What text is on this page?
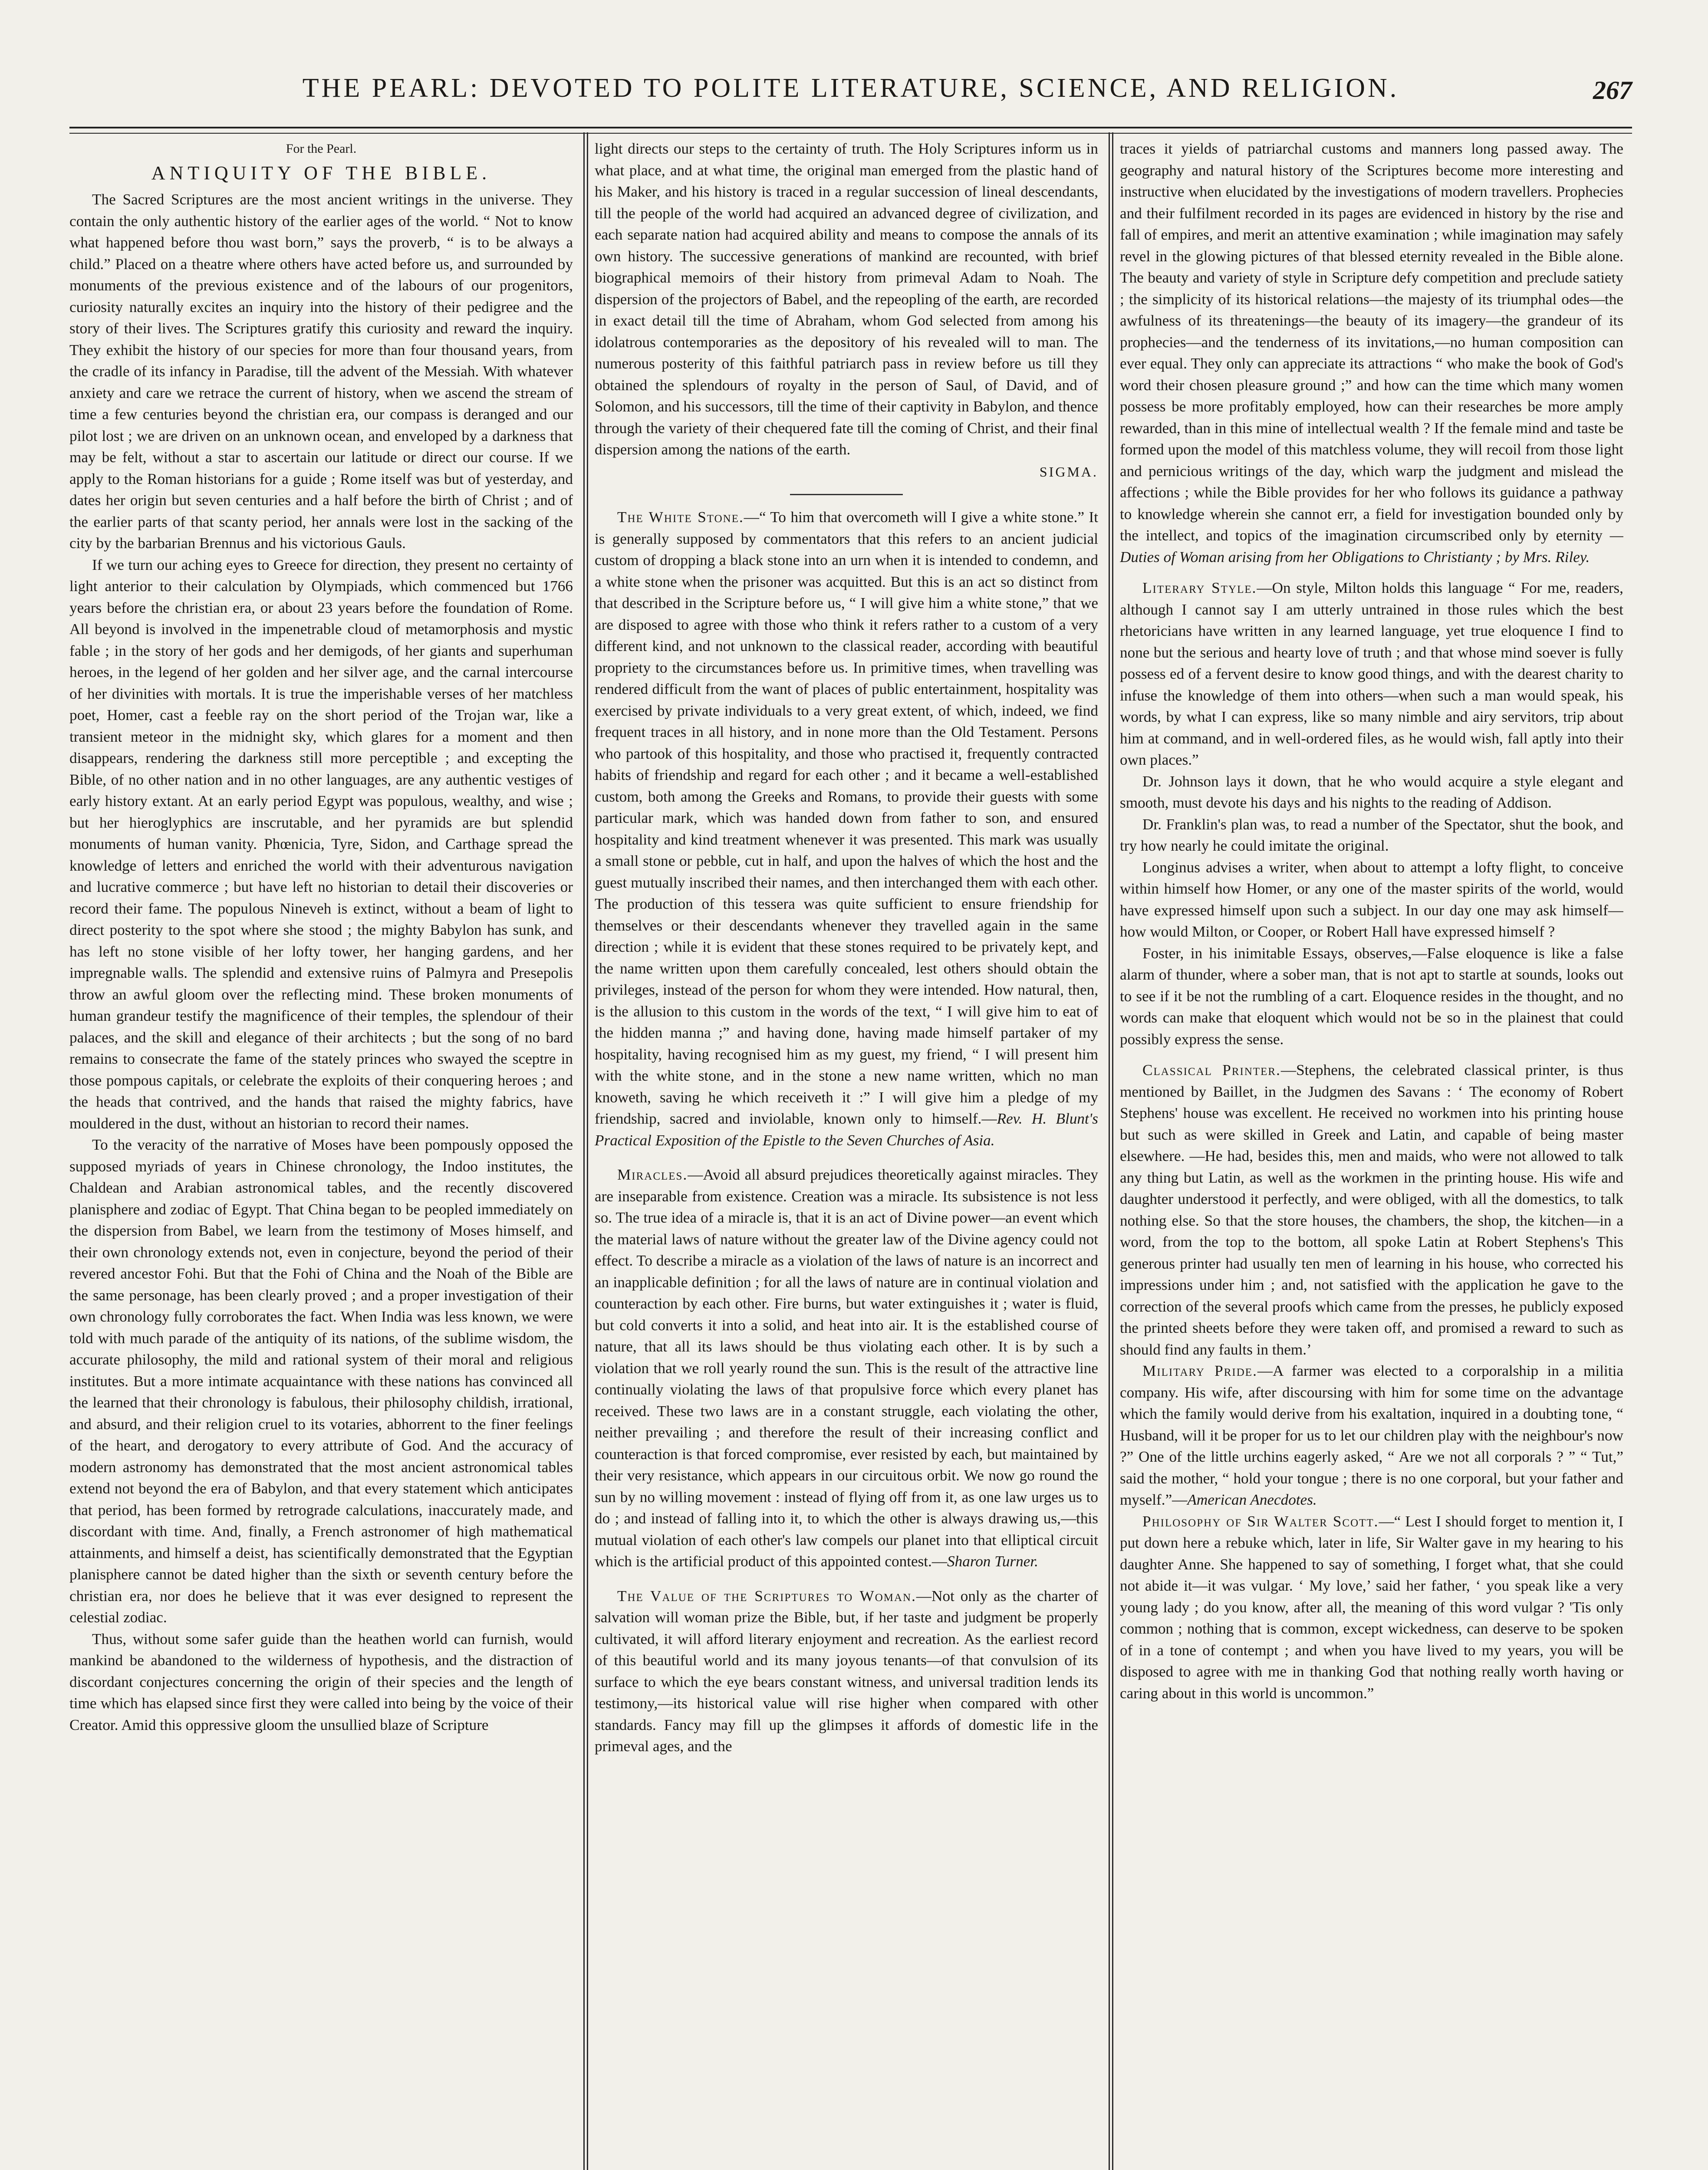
THE PEARL: DEVOTED TO POLITE LITERATURE, SCIENCE, AND RELIGION.	267

For the Pearl.

ANTIQUITY OF THE BIBLE.

The Sacred Scriptures are the most ancient writings in the universe. They contain the only authentic history of the earlier ages of the world. “ Not to know what happened before thou wast born,” says the proverb, “ is to be always a child.” Placed on a theatre where others have acted before us, and surrounded by monuments of the previous existence and of the labours of our progenitors, curiosity naturally excites an inquiry into the history of their pedigree and the story of their lives. The Scriptures gratify this curiosity and reward the inquiry. They exhibit the history of our species for more than four thousand years, from the cradle of its infancy in Paradise, till the advent of the Messiah. With whatever anxiety and care we retrace the current of history, when we ascend the stream of time a few centuries beyond the christian era, our compass is deranged and our pilot lost ; we are driven on an unknown ocean, and enveloped by a darkness that may be felt, without a star to ascertain our latitude or direct our course. If we apply to the Roman historians for a guide ; Rome itself was but of yesterday, and dates her origin but seven centuries and a half before the birth of Christ ; and of the earlier parts of that scanty period, her annals were lost in the sacking of the city by the barbarian Brennus and his victorious Gauls.

If we turn our aching eyes to Greece for direction, they present no certainty of light anterior to their calculation by Olympiads, which commenced but 1766 years before the christian era, or about 23 years before the foundation of Rome. All beyond is involved in the impenetrable cloud of metamorphosis and mystic fable ; in the story of her gods and her demigods, of her giants and superhuman heroes, in the legend of her golden and her silver age, and the carnal intercourse of her divinities with mortals. It is true the imperishable verses of her matchless poet, Homer, cast a feeble ray on the short period of the Trojan war, like a transient meteor in the midnight sky, which glares for a moment and then disappears, rendering the darkness still more perceptible ; and excepting the Bible, of no other nation and in no other languages, are any authentic vestiges of early history extant. At an early period Egypt was populous, wealthy, and wise ; but her hieroglyphics are inscrutable, and her pyramids are but splendid monuments of human vanity. Phœnicia, Tyre, Sidon, and Carthage spread the knowledge of letters and enriched the world with their adventurous navigation and lucrative commerce ; but have left no historian to detail their discoveries or record their fame. The populous Nineveh is extinct, without a beam of light to direct posterity to the spot where she stood ; the mighty Babylon has sunk, and has left no stone visible of her lofty tower, her hanging gardens, and her impregnable walls. The splendid and extensive ruins of Palmyra and Presepolis throw an awful gloom over the reflecting mind. These broken monuments of human grandeur testify the magnificence of their temples, the splendour of their palaces, and the skill and elegance of their architects ; but the song of no bard remains to consecrate the fame of the stately princes who swayed the sceptre in those pompous capitals, or celebrate the exploits of their conquering heroes ; and the heads that contrived, and the hands that raised the mighty fabrics, have mouldered in the dust, without an historian to record their names.

To the veracity of the narrative of Moses have been pompously opposed the supposed myriads of years in Chinese chronology, the Indoo institutes, the Chaldean and Arabian astronomical tables, and the recently discovered planisphere and zodiac of Egypt. That China began to be peopled immediately on the dispersion from Babel, we learn from the testimony of Moses himself, and their own chronology extends not, even in conjecture, beyond the period of their revered ancestor Fohi. But that the Fohi of China and the Noah of the Bible are the same personage, has been clearly proved ; and a proper investigation of their own chronology fully corroborates the fact. When India was less known, we were told with much parade of the antiquity of its nations, of the sublime wisdom, the accurate philosophy, the mild and rational system of their moral and religious institutes. But a more intimate acquaintance with these nations has convinced all the learned that their chronology is fabulous, their philosophy childish, irrational, and absurd, and their religion cruel to its votaries, abhorrent to the finer feelings of the heart, and derogatory to every attribute of God. And the accuracy of modern astronomy has demonstrated that the most ancient astronomical tables extend not beyond the era of Babylon, and that every statement which anticipates that period, has been formed by retrograde calculations, inaccurately made, and discordant with time. And, finally, a French astronomer of high mathematical attainments, and himself a deist, has scientifically demonstrated that the Egyptian planisphere cannot be dated higher than the sixth or seventh century before the christian era, nor does he believe that it was ever designed to represent the celestial zodiac.

Thus, without some safer guide than the heathen world can furnish, would mankind be abandoned to the wilderness of hypothesis, and the distraction of discordant conjectures concerning the origin of their species and the length of time which has elapsed since first they were called into being by the voice of their Creator. Amid this oppressive gloom the unsullied blaze of Scripture

light directs our steps to the certainty of truth. The Holy Scriptures inform us in what place, and at what time, the original man emerged from the plastic hand of his Maker, and his history is traced in a regular succession of lineal descendants, till the people of the world had acquired an advanced degree of civilization, and each separate nation had acquired ability and means to compose the annals of its own history. The successive generations of mankind are recounted, with brief biographical memoirs of their history from primeval Adam to Noah. The dispersion of the projectors of Babel, and the repeopling of the earth, are recorded in exact detail till the time of Abraham, whom God selected from among his idolatrous contemporaries as the depository of his revealed will to man. The numerous posterity of this faithful patriarch pass in review before us till they obtained the splendours of royalty in the person of Saul, of David, and of Solomon, and his successors, till the time of their captivity in Babylon, and thence through the variety of their chequered fate till the coming of Christ, and their final dispersion among the nations of the earth.

SIGMA.

The White Stone.—“ To him that overcometh will I give a white stone.” It is generally supposed by commentators that this refers to an ancient judicial custom of dropping a black stone into an urn when it is intended to condemn, and a white stone when the prisoner was acquitted. But this is an act so distinct from that described in the Scripture before us, “ I will give him a white stone,” that we are disposed to agree with those who think it refers rather to a custom of a very different kind, and not unknown to the classical reader, according with beautiful propriety to the circumstances before us. In primitive times, when travelling was rendered difficult from the want of places of public entertainment, hospitality was exercised by private individuals to a very great extent, of which, indeed, we find frequent traces in all history, and in none more than the Old Testament. Persons who partook of this hospitality, and those who practised it, frequently contracted habits of friendship and regard for each other ; and it became a well-established custom, both among the Greeks and Romans, to provide their guests with some particular mark, which was handed down from father to son, and ensured hospitality and kind treatment whenever it was presented. This mark was usually a small stone or pebble, cut in half, and upon the halves of which the host and the guest mutually inscribed their names, and then interchanged them with each other. The production of this tessera was quite sufficient to ensure friendship for themselves or their descendants whenever they travelled again in the same direction ; while it is evident that these stones required to be privately kept, and the name written upon them carefully concealed, lest others should obtain the privileges, instead of the person for whom they were intended. How natural, then, is the allusion to this custom in the words of the text, “ I will give him to eat of the hidden manna ;” and having done, having made himself partaker of my hospitality, having recognised him as my guest, my friend, “ I will present him with the white stone, and in the stone a new name written, which no man knoweth, saving he which receiveth it :” I will give him a pledge of my friendship, sacred and inviolable, known only to himself.—Rev. H. Blunt's Practical Exposition of the Epistle to the Seven Churches of Asia.

Miracles.—Avoid all absurd prejudices theoretically against miracles. They are inseparable from existence. Creation was a miracle. Its subsistence is not less so. The true idea of a miracle is, that it is an act of Divine power—an event which the material laws of nature without the greater law of the Divine agency could not effect. To describe a miracle as a violation of the laws of nature is an incorrect and an inapplicable definition ; for all the laws of nature are in continual violation and counteraction by each other. Fire burns, but water extinguishes it ; water is fluid, but cold converts it into a solid, and heat into air. It is the established course of nature, that all its laws should be thus violating each other. It is by such a violation that we roll yearly round the sun. This is the result of the attractive line continually violating the laws of that propulsive force which every planet has received. These two laws are in a constant struggle, each violating the other, neither prevailing ; and therefore the result of their increasing conflict and counteraction is that forced compromise, ever resisted by each, but maintained by their very resistance, which appears in our circuitous orbit. We now go round the sun by no willing movement : instead of flying off from it, as one law urges us to do ; and instead of falling into it, to which the other is always drawing us,—this mutual violation of each other's law compels our planet into that elliptical circuit which is the artificial product of this appointed contest.—Sharon Turner.

The Value of the Scriptures to Woman.—Not only as the charter of salvation will woman prize the Bible, but, if her taste and judgment be properly cultivated, it will afford literary enjoyment and recreation. As the earliest record of this beautiful world and its many joyous tenants—of that convulsion of its surface to which the eye bears constant witness, and universal tradition lends its testimony,—its historical value will rise higher when compared with other standards. Fancy may fill up the glimpses it affords of domestic life in the primeval ages, and the

traces it yields of patriarchal customs and manners long passed away. The geography and natural history of the Scriptures become more interesting and instructive when elucidated by the investigations of modern travellers. Prophecies and their fulfilment recorded in its pages are evidenced in history by the rise and fall of empires, and merit an attentive examination ; while imagination may safely revel in the glowing pictures of that blessed eternity revealed in the Bible alone. The beauty and variety of style in Scripture defy competition and preclude satiety ; the simplicity of its historical relations—the majesty of its triumphal odes—the awfulness of its threatenings—the beauty of its imagery—the grandeur of its prophecies—and the tenderness of its invitations,—no human composition can ever equal. They only can appreciate its attractions “ who make the book of God's word their chosen pleasure ground ;” and how can the time which many women possess be more profitably employed, how can their researches be more amply rewarded, than in this mine of intellectual wealth ? If the female mind and taste be formed upon the model of this matchless volume, they will recoil from those light and pernicious writings of the day, which warp the judgment and mislead the affections ; while the Bible provides for her who follows its guidance a pathway to knowledge wherein she cannot err, a field for investigation bounded only by the intellect, and topics of the imagination circumscribed only by eternity —Duties of Woman arising from her Obligations to Christianty ; by Mrs. Riley.

Literary Style.—On style, Milton holds this language “ For me, readers, although I cannot say I am utterly untrained in those rules which the best rhetoricians have written in any learned language, yet true eloquence I find to none but the serious and hearty love of truth ; and that whose mind soever is fully possess ed of a fervent desire to know good things, and with the dearest charity to infuse the knowledge of them into others—when such a man would speak, his words, by what I can express, like so many nimble and airy servitors, trip about him at command, and in well-ordered files, as he would wish, fall aptly into their own places.”

Dr. Johnson lays it down, that he who would acquire a style elegant and smooth, must devote his days and his nights to the reading of Addison.

Dr. Franklin's plan was, to read a number of the Spectator, shut the book, and try how nearly he could imitate the original.

Longinus advises a writer, when about to attempt a lofty flight, to conceive within himself how Homer, or any one of the master spirits of the world, would have expressed himself upon such a subject. In our day one may ask himself—how would Milton, or Cooper, or Robert Hall have expressed himself ?

Foster, in his inimitable Essays, observes,—False eloquence is like a false alarm of thunder, where a sober man, that is not apt to startle at sounds, looks out to see if it be not the rumbling of a cart. Eloquence resides in the thought, and no words can make that eloquent which would not be so in the plainest that could possibly express the sense.

Classical Printer.—Stephens, the celebrated classical printer, is thus mentioned by Baillet, in the Judgmen des Savans : ‘ The economy of Robert Stephens' house was excellent. He received no workmen into his printing house but such as were skilled in Greek and Latin, and capable of being master elsewhere. —He had, besides this, men and maids, who were not allowed to talk any thing but Latin, as well as the workmen in the printing house. His wife and daughter understood it perfectly, and were obliged, with all the domestics, to talk nothing else. So that the store houses, the chambers, the shop, the kitchen—in a word, from the top to the bottom, all spoke Latin at Robert Stephens's This generous printer had usually ten men of learning in his house, who corrected his impressions under him ; and, not satisfied with the application he gave to the correction of the several proofs which came from the presses, he publicly exposed the printed sheets before they were taken off, and promised a reward to such as should find any faults in them.’

Military Pride.—A farmer was elected to a corporalship in a militia company. His wife, after discoursing with him for some time on the advantage which the family would derive from his exaltation, inquired in a doubting tone, “ Husband, will it be proper for us to let our children play with the neighbour's now ?” One of the little urchins eagerly asked, “ Are we not all corporals ? ” “ Tut,” said the mother, “ hold your tongue ; there is no one corporal, but your father and myself.”—American Anecdotes.

Philosophy of Sir Walter Scott.—“ Lest I should forget to mention it, I put down here a rebuke which, later in life, Sir Walter gave in my hearing to his daughter Anne. She happened to say of something, I forget what, that she could not abide it—it was vulgar. ‘ My love,’ said her father, ‘ you speak like a very young lady ; do you know, after all, the meaning of this word vulgar ? 'Tis only common ; nothing that is common, except wickedness, can deserve to be spoken of in a tone of contempt ; and when you have lived to my years, you will be disposed to agree with me in thanking God that nothing really worth having or caring about in this world is uncommon.”
